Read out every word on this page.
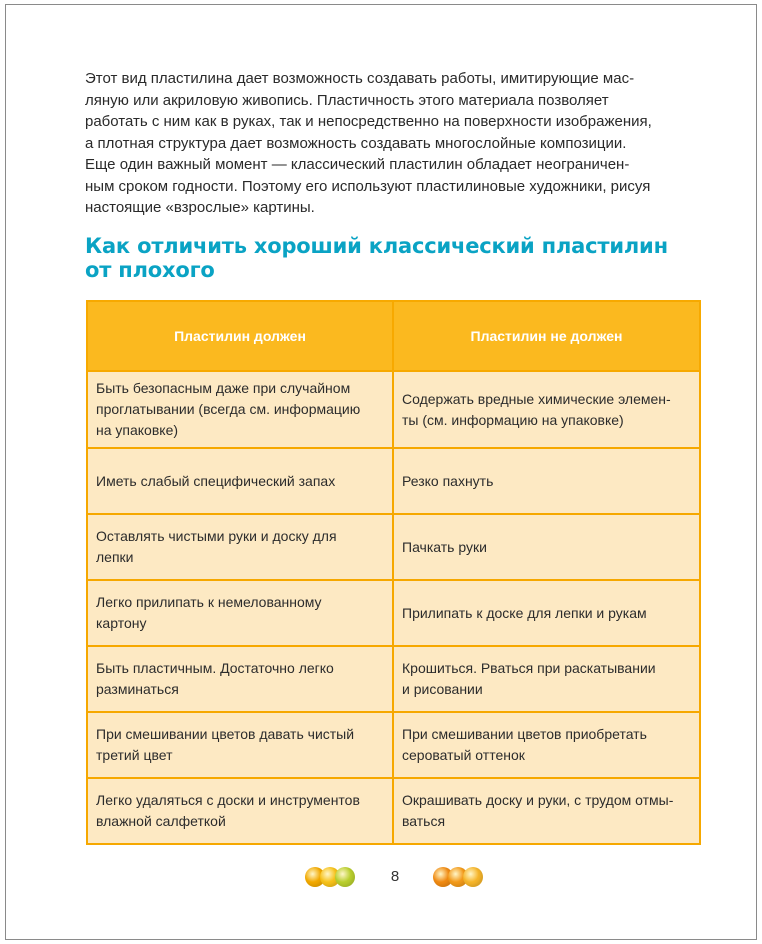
Этот вид пластилина дает возможность создавать работы, имитирующие мас-
ляную или акриловую живопись. Пластичность этого материала позволяет
работать с ним как в руках, так и непосредственно на поверхности изображения,
а плотная структура дает возможность создавать многослойные композиции.
Еще один важный момент — классический пластилин обладает неограничен-
ным сроком годности. Поэтому его используют пластилиновые художники, рисуя
настоящие «взрослые» картины.

Как отличить хороший классический пластилин
от плохого
Пластилин должен	Пластилин не должен

Быть безопасным даже при случайном
проглатывании (всегда см. информацию
на упаковке)	Содержать вредные химические элемен-
ты (см. информацию на упаковке)

Иметь слабый специфический запах	Резко пахнуть

Оставлять чистыми руки и доску для
лепки	Пачкать руки

Легко прилипать к немелованному
картону	Прилипать к доске для лепки и рукам

Быть пластичным. Достаточно легко
разминаться	Крошиться. Рваться при раскатывании
и рисовании

При смешивании цветов давать чистый
третий цвет	При смешивании цветов приобретать
сероватый оттенок

Легко удаляться с доски и инструментов
влажной салфеткой	Окрашивать доску и руки, с трудом отмы-
ваться
8
